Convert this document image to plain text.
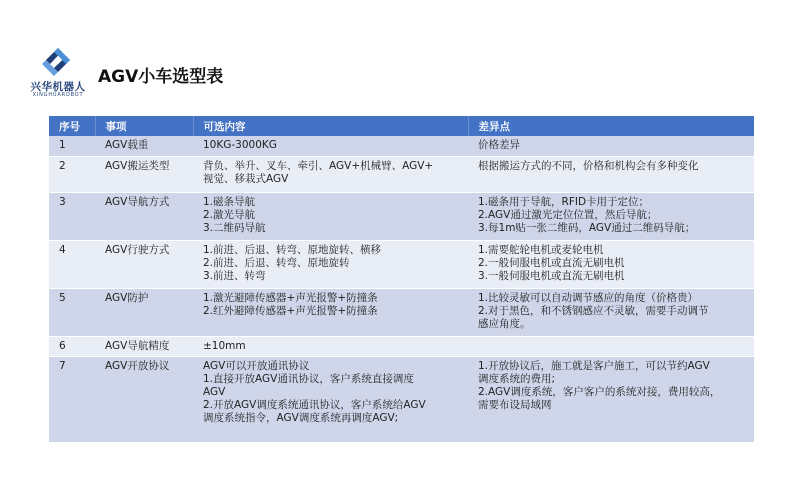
兴华机器人
XINGHUAROBOT
AGV小车选型表
序号	事项	可选内容	差异点
1	AGV载重	10KG-3000KG	价格差异

2	AGV搬运类型	背负、举升、叉车、牵引、AGV+机械臂、AGV+
视觉、移栽式AGV	根据搬运方式的不同，价格和机构会有多种变化

3	AGV导航方式	1.磁条导航
2.激光导航
3.二维码导航	1.磁条用于导航，RFID卡用于定位；
2.AGV通过激光定位位置，然后导航；
3.每1m贴一张二维码，AGV通过二维码导航；

4	AGV行驶方式	1.前进、后退、转弯、原地旋转、横移
2.前进、后退、转弯、原地旋转
3.前进、转弯	1.需要舵轮电机或麦轮电机
2.一般伺服电机或直流无刷电机
3.一般伺服电机或直流无刷电机

5	AGV防护	1.激光避障传感器+声光报警+防撞条
2.红外避障传感器+声光报警+防撞条	1.比较灵敏可以自动调节感应的角度（价格贵）
2.对于黑色，和不锈钢感应不灵敏，需要手动调节
感应角度。

6	AGV导航精度	±10mm	

7	AGV开放协议	AGV可以开放通讯协议
1.直接开放AGV通讯协议，客户系统直接调度
AGV
2.开放AGV调度系统通讯协议，客户系统给AGV
调度系统指令，AGV调度系统再调度AGV;	1.开放协议后，施工就是客户施工，可以节约AGV
调度系统的费用;
2.AGV调度系统，客户客户的系统对接，费用较高，
需要布设局域网
